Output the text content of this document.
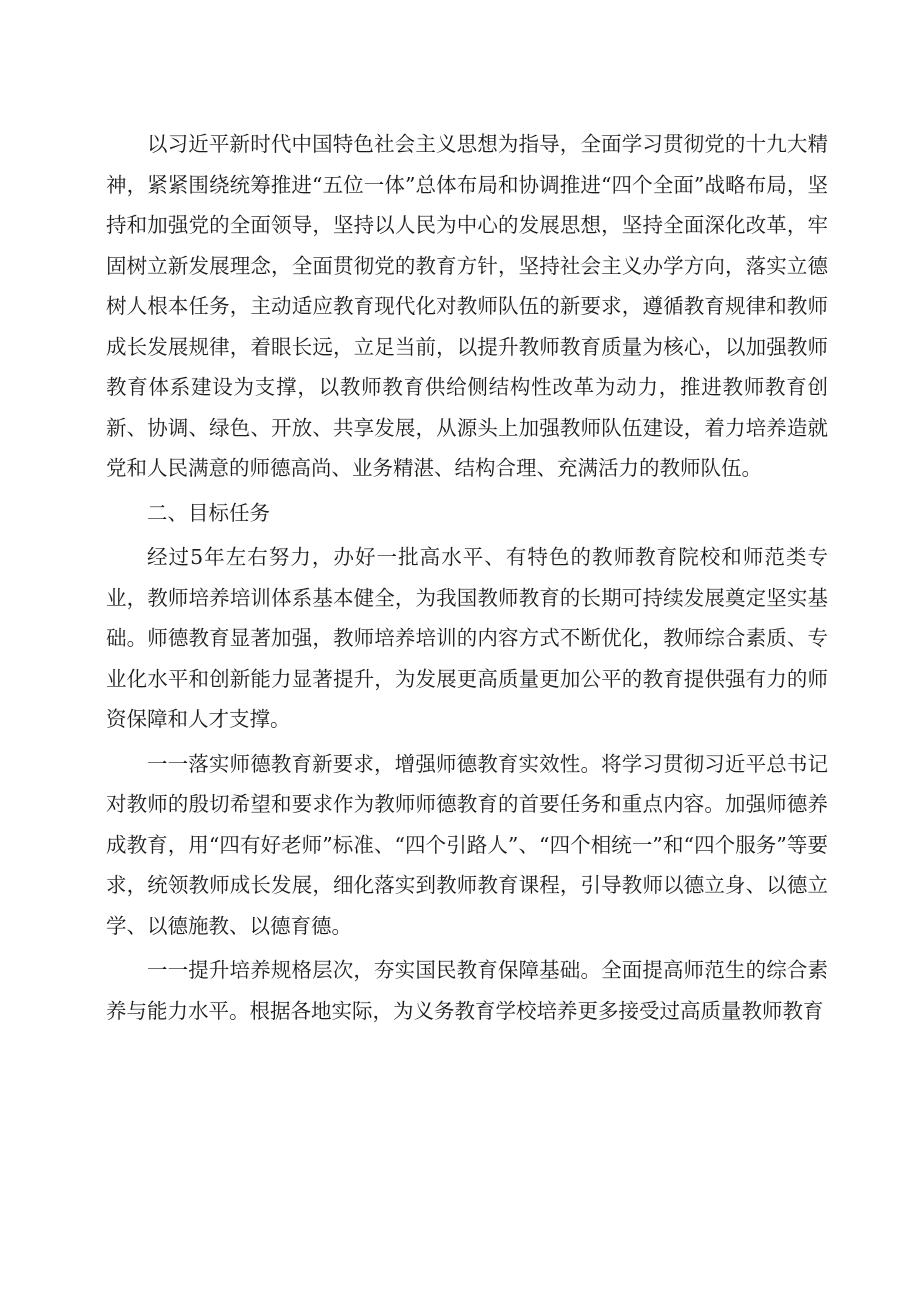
以习近平新时代中国特色社会主义思想为指导，全面学习贯彻党的十九大精神，紧紧围绕统筹推进“五位一体”总体布局和协调推进“四个全面”战略布局，坚持和加强党的全面领导，坚持以人民为中心的发展思想，坚持全面深化改革，牢固树立新发展理念，全面贯彻党的教育方针，坚持社会主义办学方向，落实立德树人根本任务，主动适应教育现代化对教师队伍的新要求，遵循教育规律和教师成长发展规律，着眼长远，立足当前，以提升教师教育质量为核心，以加强教师教育体系建设为支撑，以教师教育供给侧结构性改革为动力，推进教师教育创新、协调、绿色、开放、共享发展，从源头上加强教师队伍建设，着力培养造就党和人民满意的师德高尚、业务精湛、结构合理、充满活力的教师队伍。

二、目标任务

经过5年左右努力，办好一批高水平、有特色的教师教育院校和师范类专业，教师培养培训体系基本健全，为我国教师教育的长期可持续发展奠定坚实基础。师德教育显著加强，教师培养培训的内容方式不断优化，教师综合素质、专业化水平和创新能力显著提升，为发展更高质量更加公平的教育提供强有力的师资保障和人才支撑。

一一落实师德教育新要求，增强师德教育实效性。将学习贯彻习近平总书记对教师的殷切希望和要求作为教师师德教育的首要任务和重点内容。加强师德养成教育，用“四有好老师”标准、“四个引路人”、“四个相统一”和“四个服务”等要求，统领教师成长发展，细化落实到教师教育课程，引导教师以德立身、以德立学、以德施教、以德育德。

一一提升培养规格层次，夯实国民教育保障基础。全面提高师范生的综合素养与能力水平。根据各地实际，为义务教育学校培养更多接受过高质量教师教育
